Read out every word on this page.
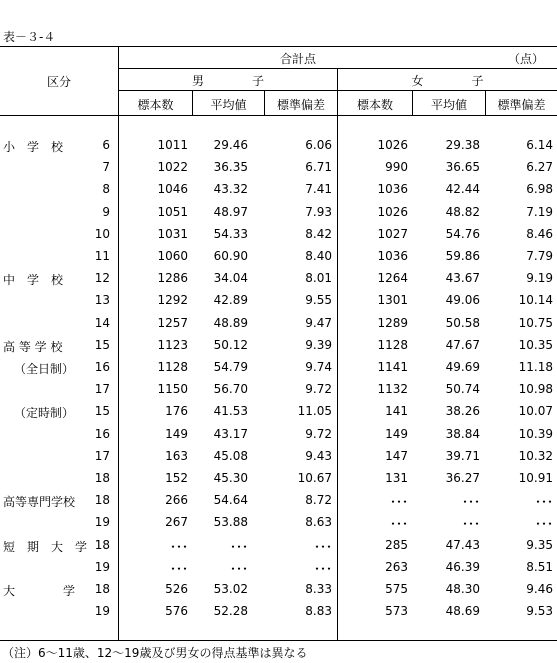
表－３-４
区分
合計点	（点）
男　　　　子	女　　　　子
標本数	平均値	標準偏差	標本数	平均値	標準偏差
小　学　校	6	1011	29.46	6.06	1026	29.38	6.14
7	1022	36.35	6.71	990	36.65	6.27
8	1046	43.32	7.41	1036	42.44	6.98
9	1051	48.97	7.93	1026	48.82	7.19
10	1031	54.33	8.42	1027	54.76	8.46
11	1060	60.90	8.40	1036	59.86	7.79
中　学　校	12	1286	34.04	8.01	1264	43.67	9.19
13	1292	42.89	9.55	1301	49.06	10.14
14	1257	48.89	9.47	1289	50.58	10.75
高 等 学 校	15	1123	50.12	9.39	1128	47.67	10.35
（全日制）	16	1128	54.79	9.74	1141	49.69	11.18
17	1150	56.70	9.72	1132	50.74	10.98
（定時制）	15	176	41.53	11.05	141	38.26	10.07
16	149	43.17	9.72	149	38.84	10.39
17	163	45.08	9.43	147	39.71	10.32
18	152	45.30	10.67	131	36.27	10.91
高等専門学校	18	266	54.64	8.72	･･･	･･･	･･･
19	267	53.88	8.63	･･･	･･･	･･･
短　期　大　学 18	･･･	･･･	･･･	285	47.43	9.35
19	･･･	･･･	･･･	263	46.39	8.51
大　　　　学	18	526	53.02	8.33	575	48.30	9.46
19	576	52.28	8.83	573	48.69	9.53
（注）6～11歳、12～19歳及び男女の得点基準は異なる
